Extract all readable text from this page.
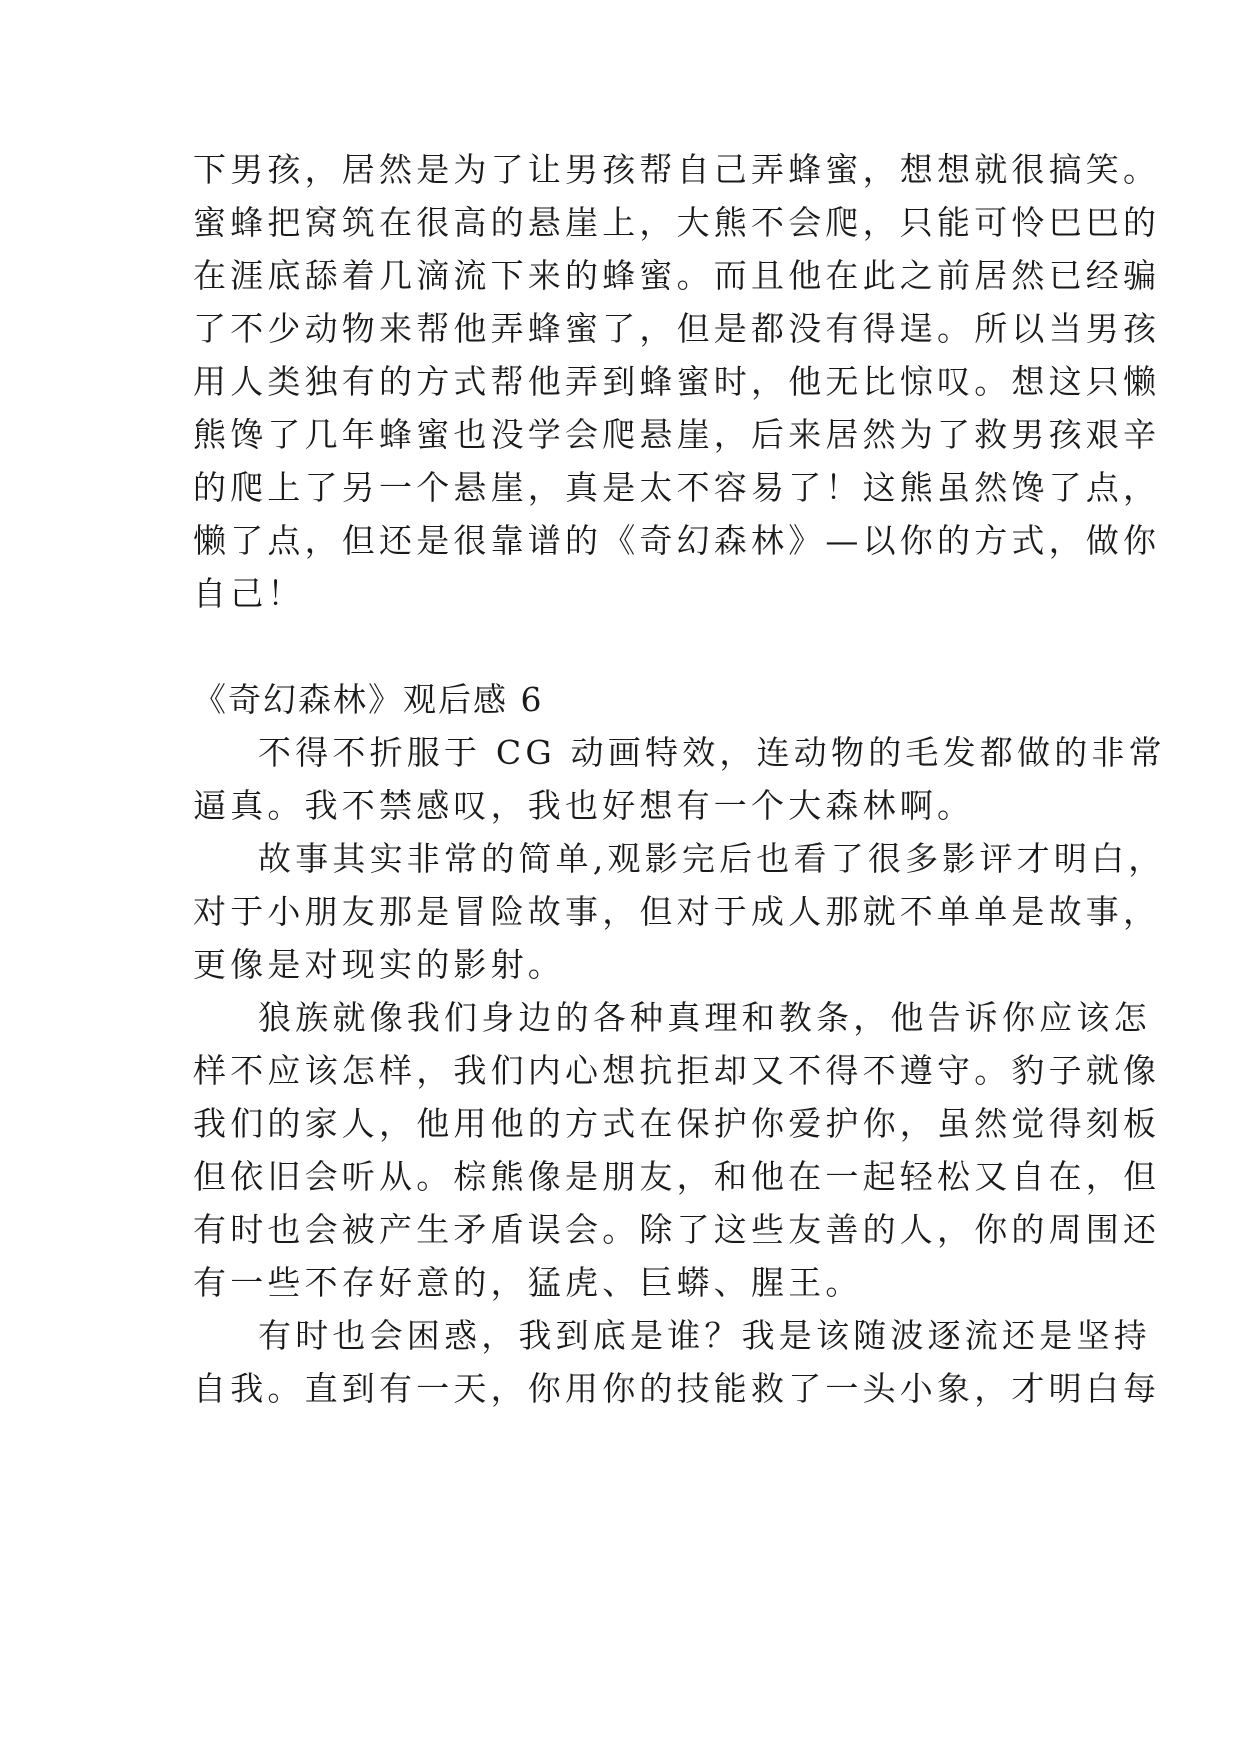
下男孩，居然是为了让男孩帮自己弄蜂蜜，想想就很搞笑。
蜜蜂把窝筑在很高的悬崖上，大熊不会爬，只能可怜巴巴的
在涯底舔着几滴流下来的蜂蜜。而且他在此之前居然已经骗
了不少动物来帮他弄蜂蜜了，但是都没有得逞。所以当男孩
用人类独有的方式帮他弄到蜂蜜时，他无比惊叹。想这只懒
熊馋了几年蜂蜜也没学会爬悬崖，后来居然为了救男孩艰辛
的爬上了另一个悬崖，真是太不容易了！这熊虽然馋了点，
懒了点，但还是很靠谱的《奇幻森林》—以你的方式，做你
自己！
《奇幻森林》观后感 6
不得不折服于 CG 动画特效，连动物的毛发都做的非常
逼真。我不禁感叹，我也好想有一个大森林啊。
故事其实非常的简单,观影完后也看了很多影评才明白，
对于小朋友那是冒险故事，但对于成人那就不单单是故事，
更像是对现实的影射。
狼族就像我们身边的各种真理和教条，他告诉你应该怎
样不应该怎样，我们内心想抗拒却又不得不遵守。豹子就像
我们的家人，他用他的方式在保护你爱护你，虽然觉得刻板
但依旧会听从。棕熊像是朋友，和他在一起轻松又自在，但
有时也会被产生矛盾误会。除了这些友善的人，你的周围还
有一些不存好意的，猛虎、巨蟒、腥王。
有时也会困惑，我到底是谁？我是该随波逐流还是坚持
自我。直到有一天，你用你的技能救了一头小象，才明白每
